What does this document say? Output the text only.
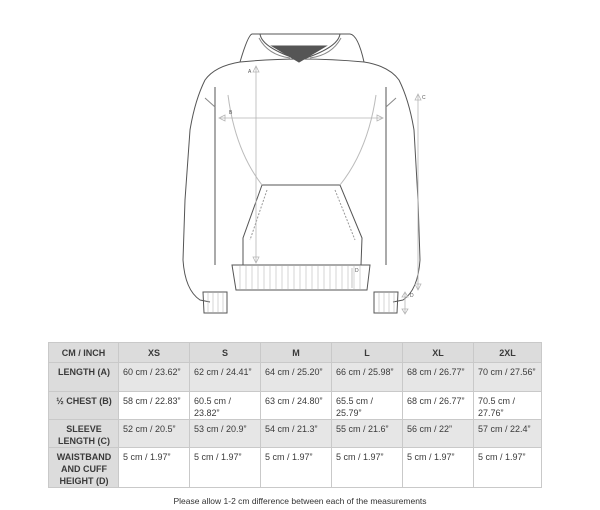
A
B
C
D
D
CM / INCH	XS	S	M	L	XL	2XL
LENGTH (A)	60 cm / 23.62”	62 cm / 24.41”	64 cm / 25.20”	66 cm / 25.98”	68 cm / 26.77”	70 cm / 27.56”
½ CHEST (B)	58 cm / 22.83”	60.5 cm / 23.82”	63 cm / 24.80”	65.5 cm / 25.79”	68 cm / 26.77”	70.5 cm / 27.76”
SLEEVE LENGTH (C)	52 cm / 20.5”	53 cm / 20.9”	54 cm / 21.3”	55 cm / 21.6”	56 cm / 22”	57 cm / 22.4”
WAISTBAND AND CUFF HEIGHT (D)	5 cm / 1.97”	5 cm / 1.97”	5 cm / 1.97”	5 cm / 1.97”	5 cm / 1.97”	5 cm / 1.97”
Please allow 1-2 cm difference between each of the measurements
